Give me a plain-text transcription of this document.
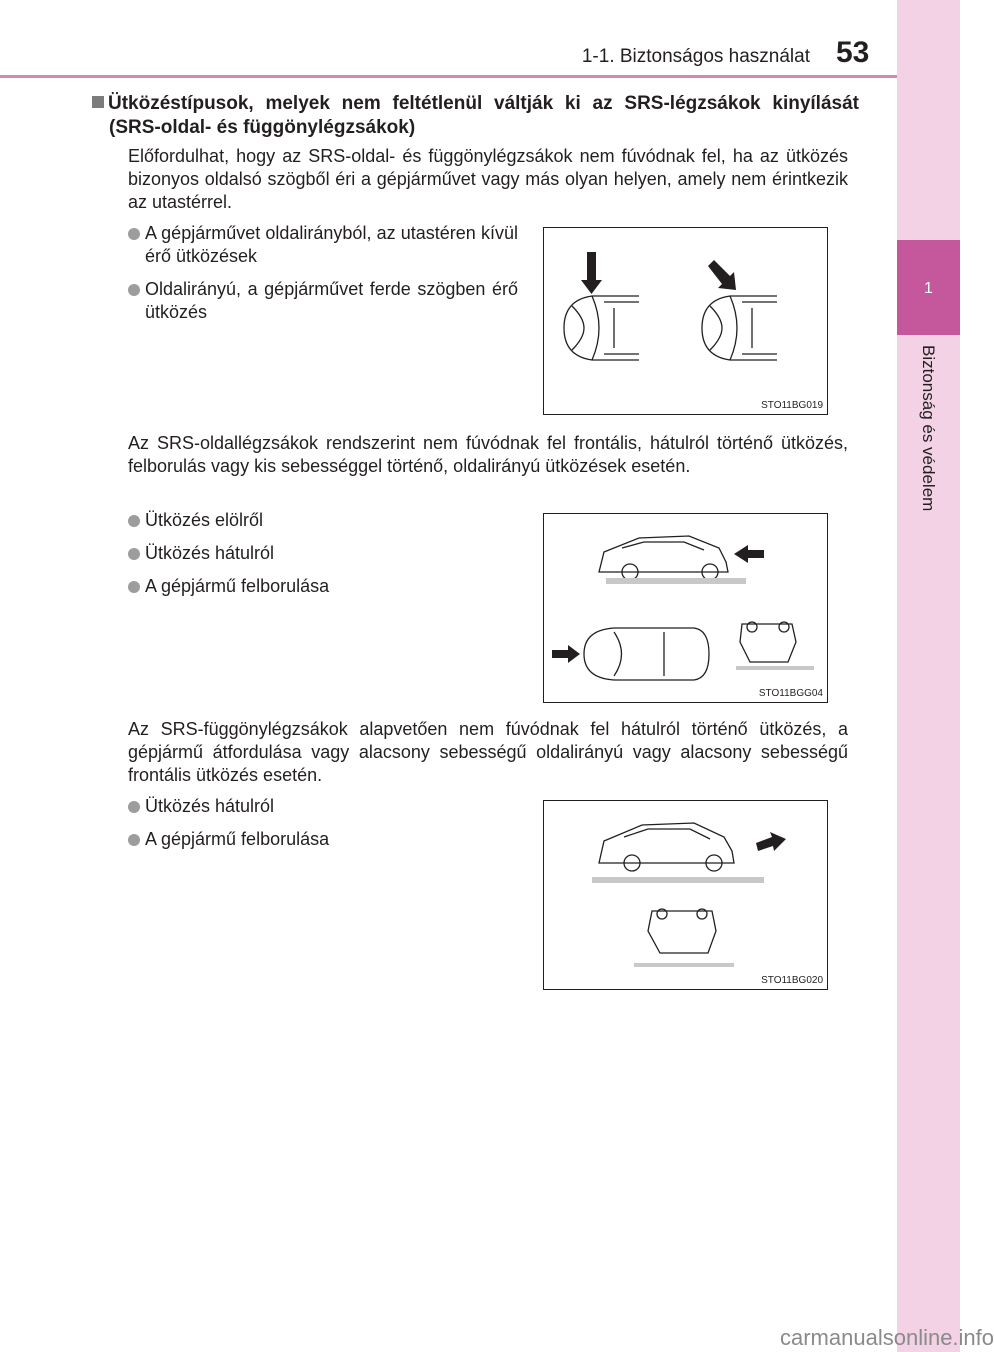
1-1. Biztonságos használat 53
1
Biztonság és védelem
Ütközéstípusok, melyek nem feltétlenül váltják ki az SRS-légzsákok kinyílását (SRS-oldal- és függönylégzsákok)
Előfordulhat, hogy az SRS-oldal- és függönylégzsákok nem fúvódnak fel, ha az ütközés bizonyos oldalsó szögből éri a gépjárművet vagy más olyan helyen, amely nem érintkezik az utastérrel.
A gépjárművet oldalirányból, az utastéren kívül érő ütközések
Oldalirányú, a gépjárművet ferde szögben érő ütközés
STO11BG019
Az SRS-oldallégzsákok rendszerint nem fúvódnak fel frontális, hátulról történő ütközés, felborulás vagy kis sebességgel történő, oldalirányú ütközések esetén.
Ütközés elölről
Ütközés hátulról
A gépjármű felborulása
STO11BGG04
Az SRS-függönylégzsákok alapvetően nem fúvódnak fel hátulról történő ütközés, a gépjármű átfordulása vagy alacsony sebességű oldalirányú vagy alacsony sebességű frontális ütközés esetén.
Ütközés hátulról
A gépjármű felborulása
STO11BG020
carmanualsonline.info
